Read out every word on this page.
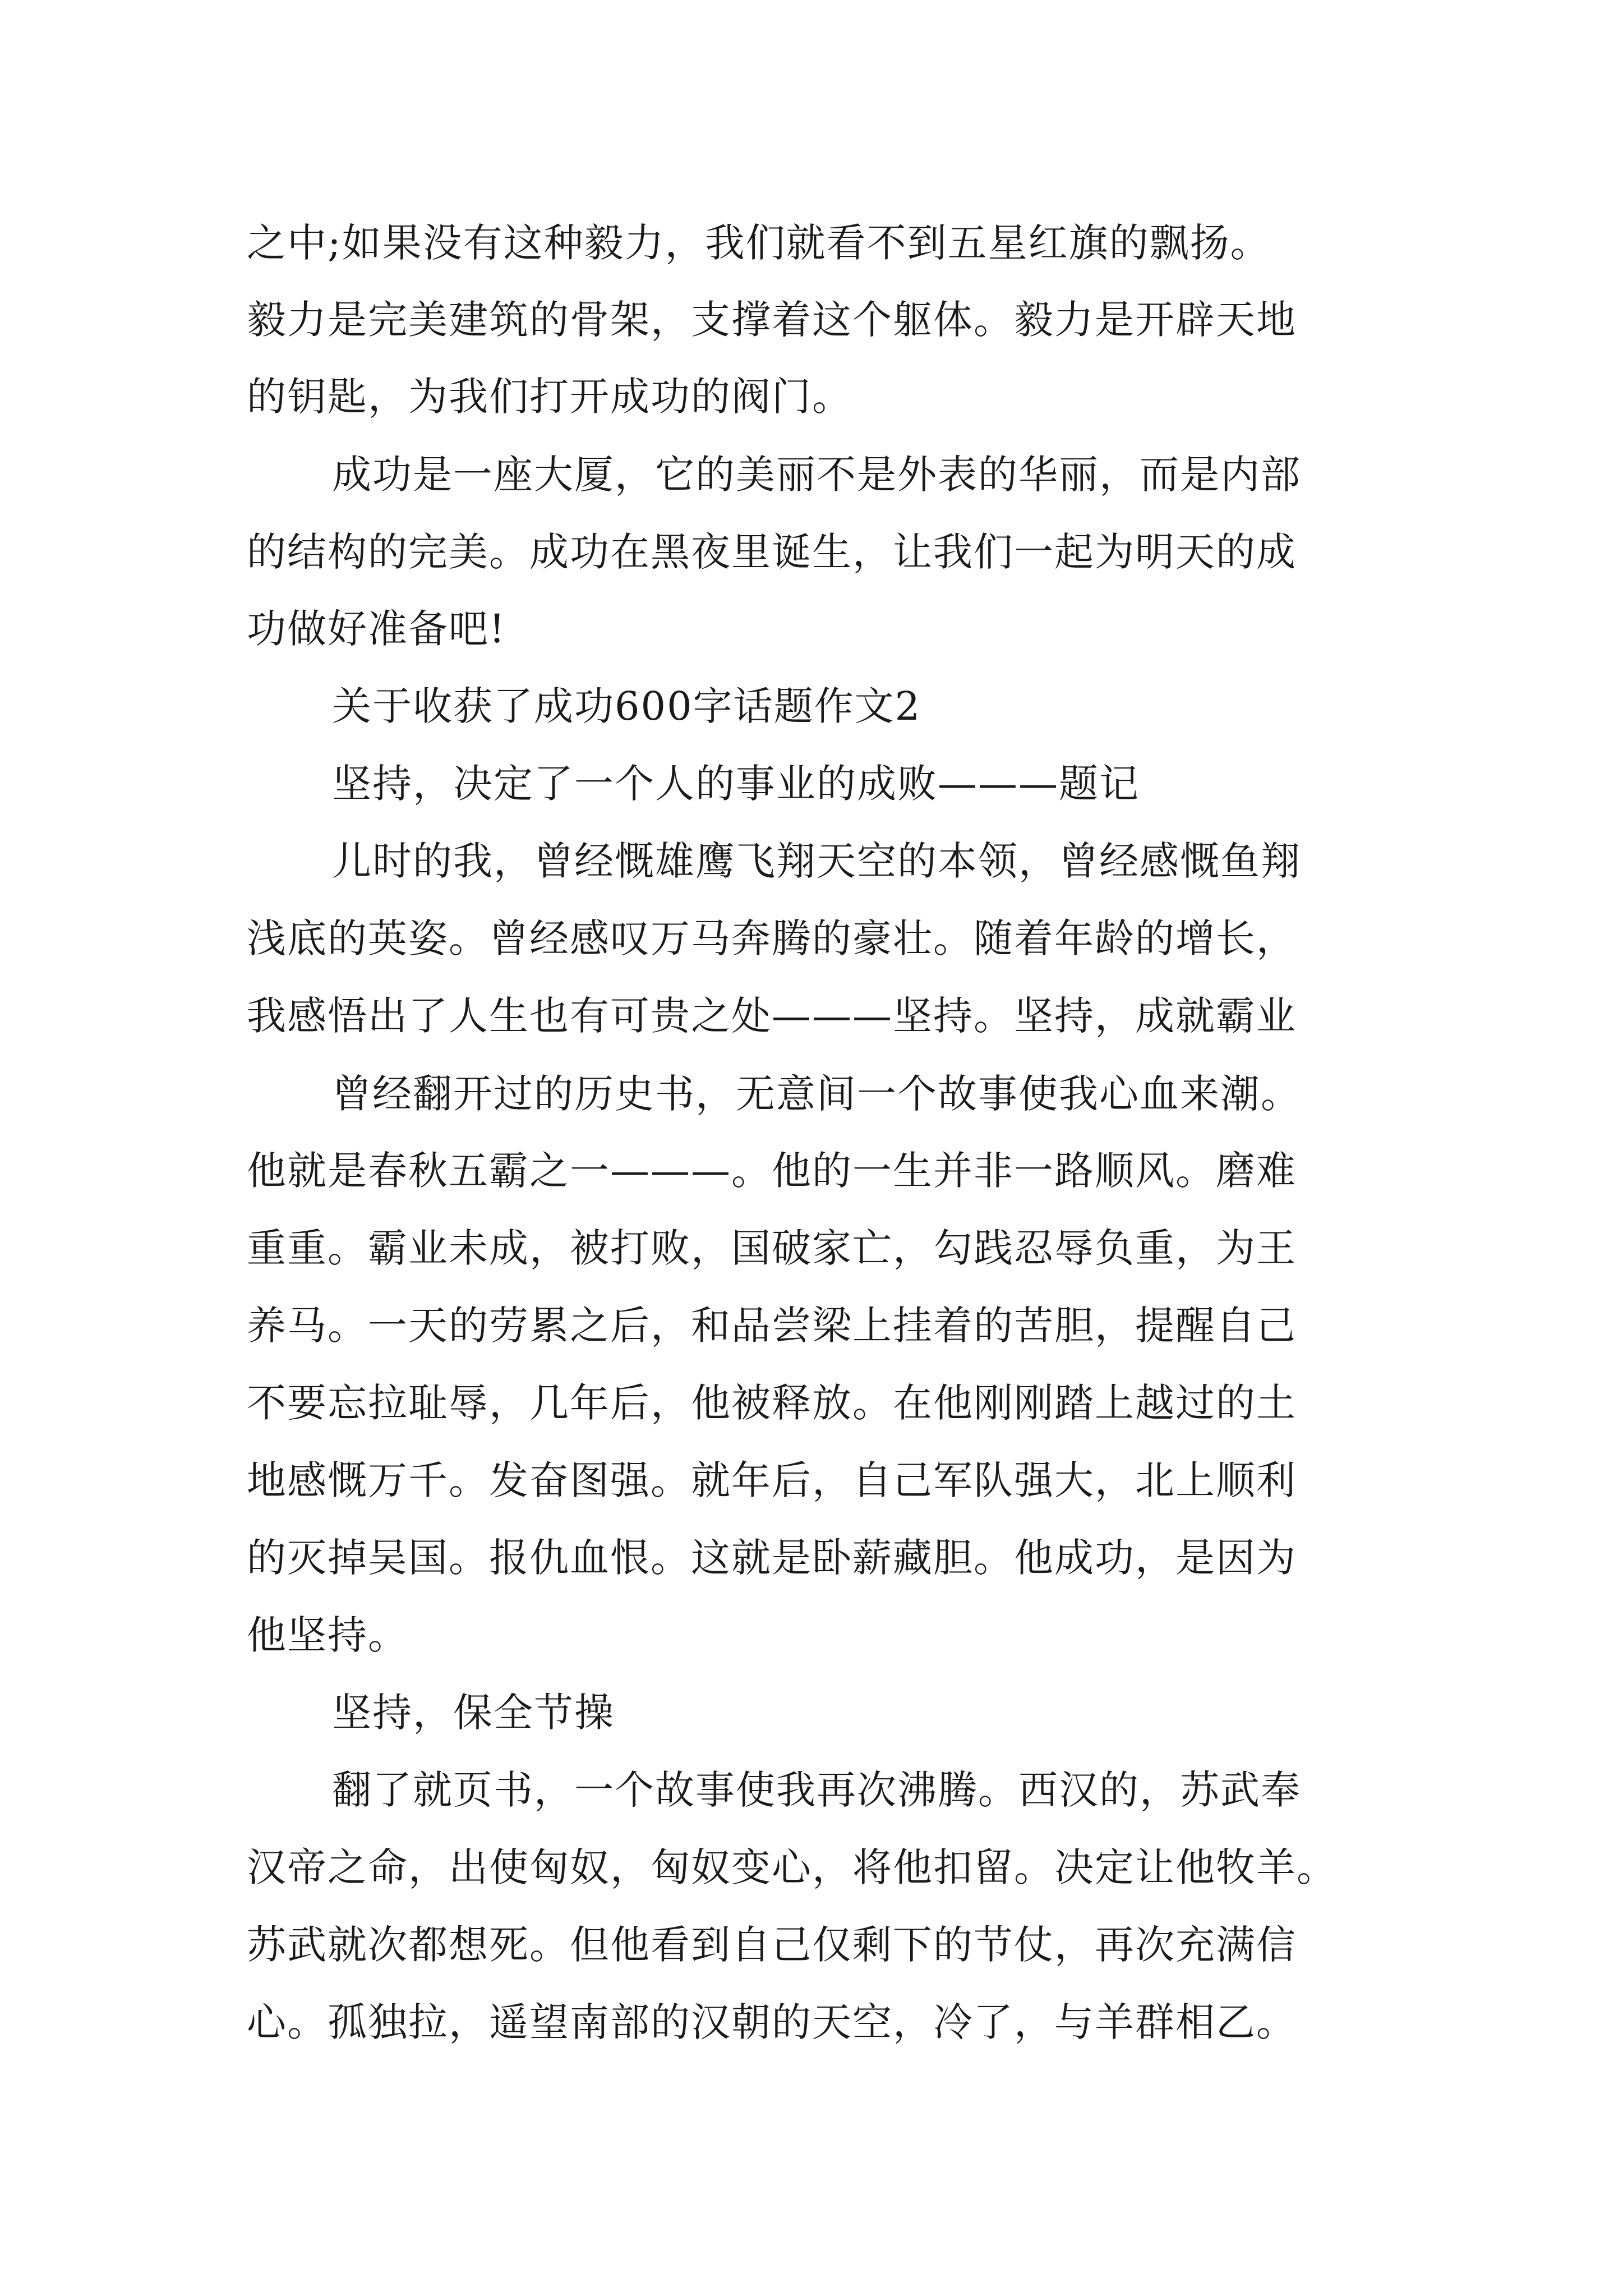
之中;如果没有这种毅力，我们就看不到五星红旗的飘扬。
毅力是完美建筑的骨架，支撑着这个躯体。毅力是开辟天地
的钥匙，为我们打开成功的阀门。
成功是一座大厦，它的美丽不是外表的华丽，而是内部
的结构的完美。成功在黑夜里诞生，让我们一起为明天的成
功做好准备吧!
关于收获了成功600字话题作文2
坚持，决定了一个人的事业的成败———题记
儿时的我，曾经慨雄鹰飞翔天空的本领，曾经感慨鱼翔
浅底的英姿。曾经感叹万马奔腾的豪壮。随着年龄的增长，
我感悟出了人生也有可贵之处———坚持。坚持，成就霸业
曾经翻开过的历史书，无意间一个故事使我心血来潮。
他就是春秋五霸之一———。他的一生并非一路顺风。磨难
重重。霸业未成，被打败，国破家亡，勾践忍辱负重，为王
养马。一天的劳累之后，和品尝梁上挂着的苦胆，提醒自己
不要忘拉耻辱，几年后，他被释放。在他刚刚踏上越过的土
地感慨万千。发奋图强。就年后，自己军队强大，北上顺利
的灭掉吴国。报仇血恨。这就是卧薪藏胆。他成功，是因为
他坚持。
坚持，保全节操
翻了就页书，一个故事使我再次沸腾。西汉的，苏武奉
汉帝之命，出使匈奴，匈奴变心，将他扣留。决定让他牧羊。
苏武就次都想死。但他看到自己仅剩下的节仗，再次充满信
心。孤独拉，遥望南部的汉朝的天空，冷了，与羊群相乙。
